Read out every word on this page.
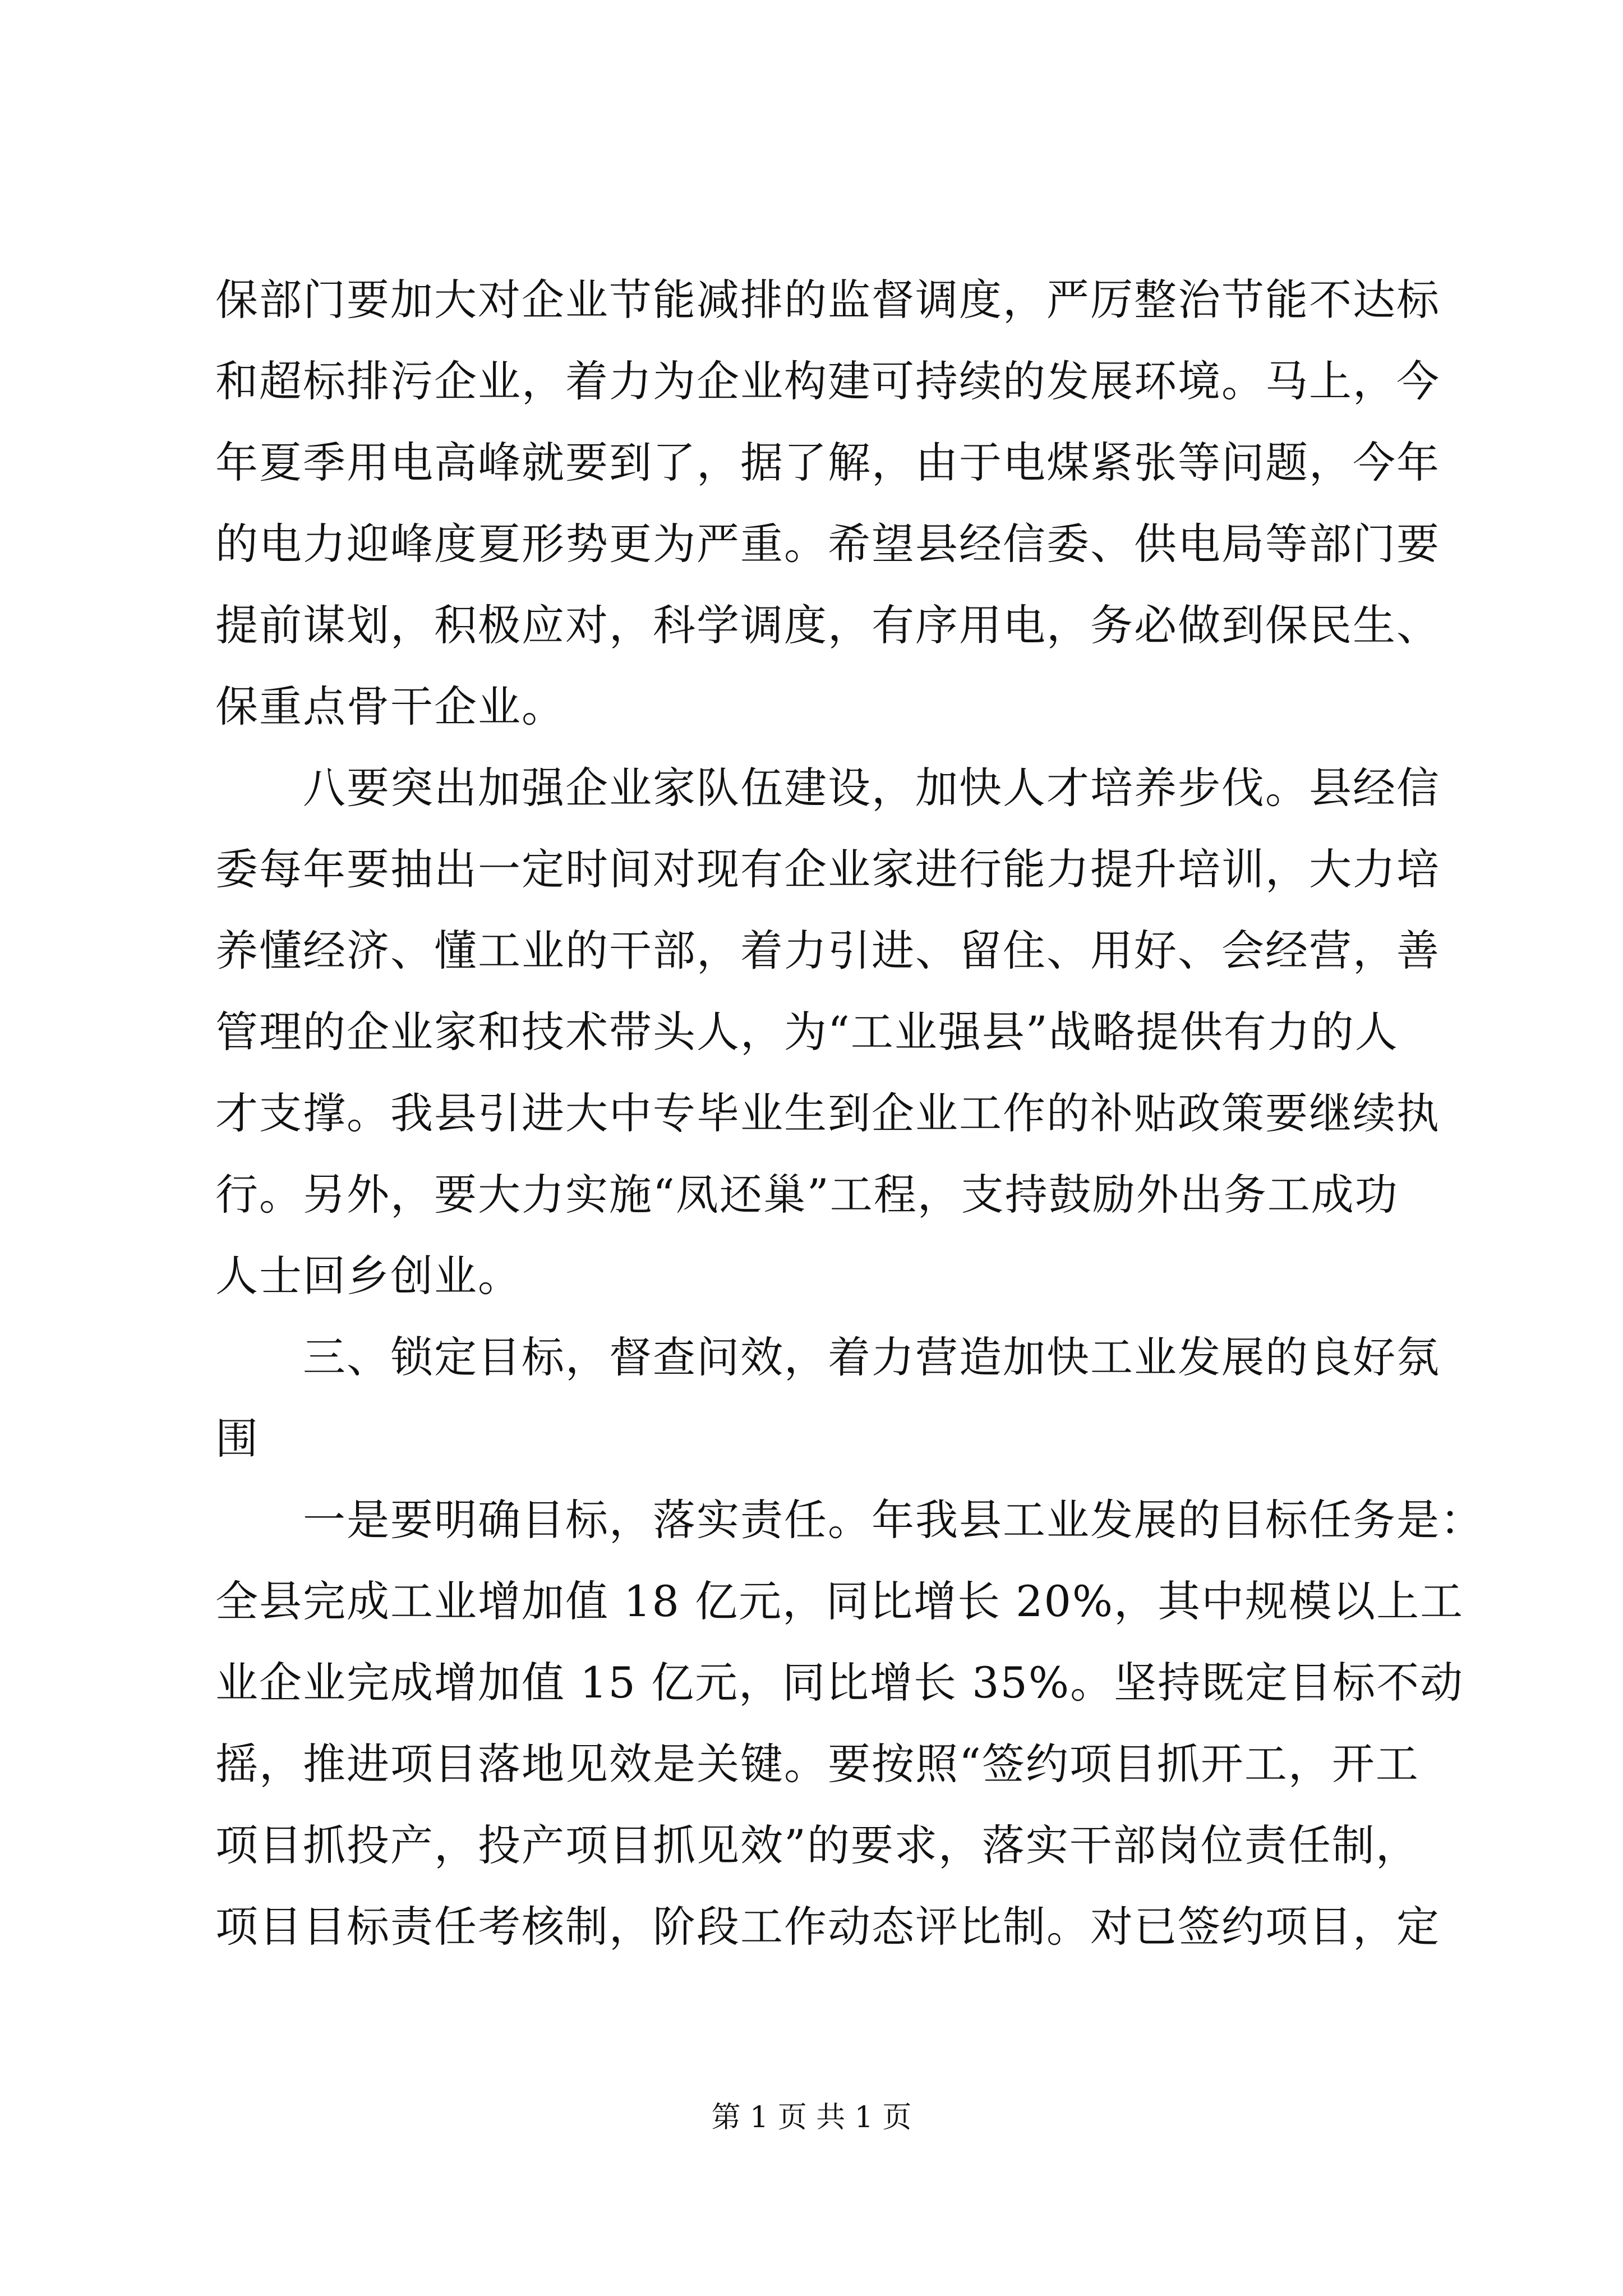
保部门要加大对企业节能减排的监督调度，严厉整治节能不达标
和超标排污企业，着力为企业构建可持续的发展环境。马上，今
年夏季用电高峰就要到了，据了解，由于电煤紧张等问题，今年
的电力迎峰度夏形势更为严重。希望县经信委、供电局等部门要
提前谋划，积极应对，科学调度，有序用电，务必做到保民生、
保重点骨干企业。
　　八要突出加强企业家队伍建设，加快人才培养步伐。县经信
委每年要抽出一定时间对现有企业家进行能力提升培训，大力培
养懂经济、懂工业的干部，着力引进、留住、用好、会经营，善
管理的企业家和技术带头人，为“工业强县”战略提供有力的人
才支撑。我县引进大中专毕业生到企业工作的补贴政策要继续执
行。另外，要大力实施“凤还巢”工程，支持鼓励外出务工成功
人士回乡创业。
　　三、锁定目标，督查问效，着力营造加快工业发展的良好氛
围
　　一是要明确目标，落实责任。年我县工业发展的目标任务是：
全县完成工业增加值 18 亿元，同比增长 20%，其中规模以上工
业企业完成增加值 15 亿元，同比增长 35%。坚持既定目标不动
摇，推进项目落地见效是关键。要按照“签约项目抓开工，开工
项目抓投产，投产项目抓见效”的要求，落实干部岗位责任制，
项目目标责任考核制，阶段工作动态评比制。对已签约项目，定
第 1 页 共 1 页
